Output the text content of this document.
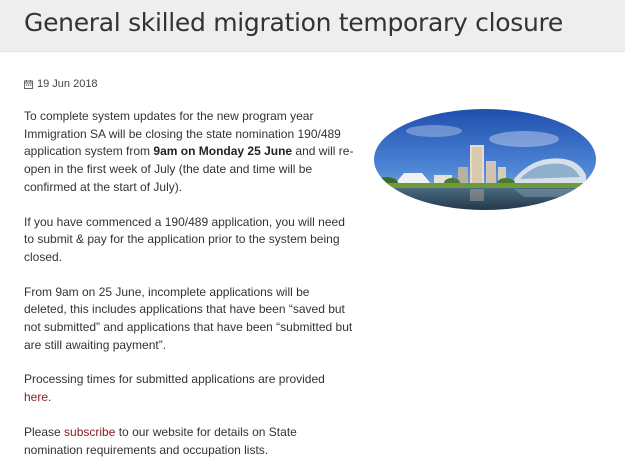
General skilled migration temporary closure
19 Jun 2018

To complete system updates for the new program year Immigration SA will be closing the state nomination 190/489 application system from 9am on Monday 25 June and will re-open in the first week of July (the date and time will be confirmed at the start of July).

If you have commenced a 190/489 application, you will need to submit & pay for the application prior to the system being closed.

From 9am on 25 June, incomplete applications will be deleted, this includes applications that have been “saved but not submitted” and applications that have been “submitted but are still awaiting payment”.

Processing times for submitted applications are provided here.

Please subscribe to our website for details on State nomination requirements and occupation lists.
